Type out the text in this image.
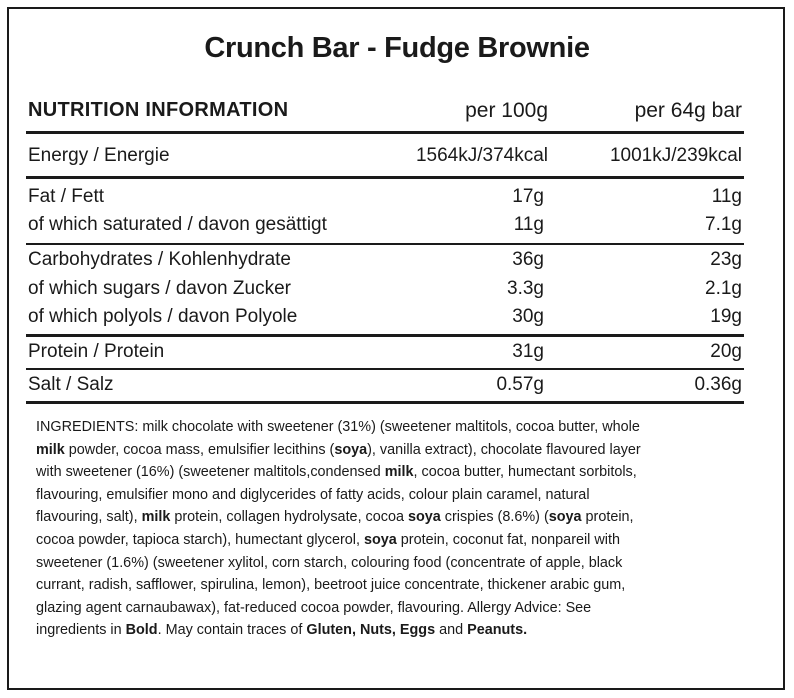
Crunch Bar - Fudge Brownie
NUTRITION INFORMATION	per 100g	per 64g bar
Energy / Energie	1564kJ/374kcal	1001kJ/239kcal
Fat / Fett	17g	11g
of which saturated / davon gesättigt	11g	7.1g
Carbohydrates / Kohlenhydrate	36g	23g
of which sugars / davon Zucker	3.3g	2.1g
of which polyols / davon Polyole	30g	19g
Protein / Protein	31g	20g
Salt / Salz	0.57g	0.36g
INGREDIENTS: milk chocolate with sweetener (31%) (sweetener maltitols, cocoa butter, whole
milk powder, cocoa mass, emulsifier lecithins (soya), vanilla extract), chocolate flavoured layer
with sweetener (16%) (sweetener maltitols,condensed milk, cocoa butter, humectant sorbitols,
flavouring, emulsifier mono and diglycerides of fatty acids, colour plain caramel, natural
flavouring, salt), milk protein, collagen hydrolysate, cocoa soya crispies (8.6%) (soya protein,
cocoa powder, tapioca starch), humectant glycerol, soya protein, coconut fat, nonpareil with
sweetener (1.6%) (sweetener xylitol, corn starch, colouring food (concentrate of apple, black
currant, radish, safflower, spirulina, lemon), beetroot juice concentrate, thickener arabic gum,
glazing agent carnaubawax), fat-reduced cocoa powder, flavouring. Allergy Advice: See
ingredients in Bold. May contain traces of Gluten, Nuts, Eggs and Peanuts.
